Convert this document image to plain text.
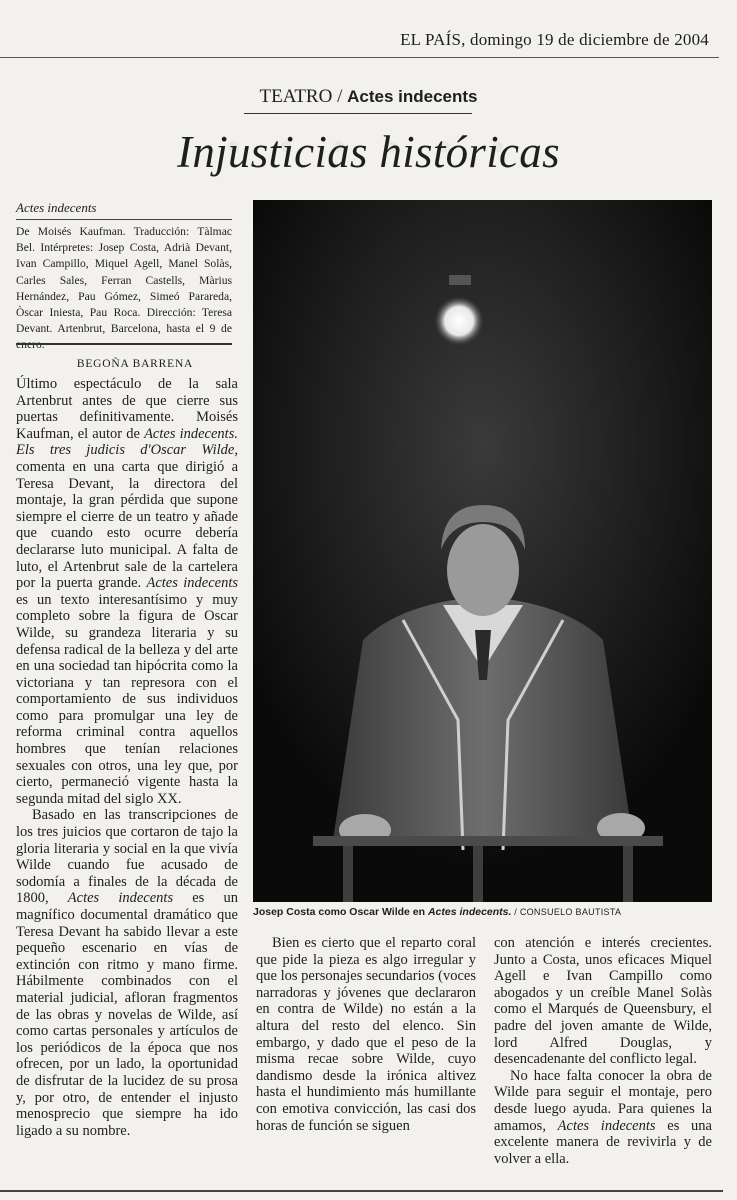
EL PAÍS, domingo 19 de diciembre de 2004
TEATRO / Actes indecents
Injusticias históricas
Actes indecents
De Moisés Kaufman. Traducción: Tàlmac Bel. Intérpretes: Josep Costa, Adrià Devant, Ivan Campillo, Miquel Agell, Manel Solàs, Carles Sales, Ferran Castells, Màrius Hernández, Pau Gómez, Simeó Parareda, Òscar Iniesta, Pau Roca. Dirección: Teresa Devant. Artenbrut, Barcelona, hasta el 9 de enero.
BEGOÑA BARRENA

Último espectáculo de la sala Artenbrut antes de que cierre sus puertas definitivamente. Moisés Kaufman, el autor de Actes indecents. Els tres judicis d'Oscar Wilde, comenta en una carta que dirigió a Teresa Devant, la directora del montaje, la gran pérdida que supone siempre el cierre de un teatro y añade que cuando esto ocurre debería declararse luto municipal. A falta de luto, el Artenbrut sale de la cartelera por la puerta grande. Actes indecents es un texto interesantísimo y muy completo sobre la figura de Oscar Wilde, su grandeza literaria y su defensa radical de la belleza y del arte en una sociedad tan hipócrita como la victoriana y tan represora con el comportamiento de sus individuos como para promulgar una ley de reforma criminal contra aquellos hombres que tenían relaciones sexuales con otros, una ley que, por cierto, permaneció vigente hasta la segunda mitad del siglo XX.

Basado en las transcripciones de los tres juicios que cortaron de tajo la gloria literaria y social en la que vivía Wilde cuando fue acusado de sodomía a finales de la década de 1800, Actes indecents es un magnífico documental dramático que Teresa Devant ha sabido llevar a este pequeño escenario en vías de extinción con ritmo y mano firme. Hábilmente combinados con el material judicial, afloran fragmentos de las obras y novelas de Wilde, así como cartas personales y artículos de los periódicos de la época que nos ofrecen, por un lado, la oportunidad de disfrutar de la lucidez de su prosa y, por otro, de entender el injusto menosprecio que siempre ha ido ligado a su nombre.

Josep Costa como Oscar Wilde en Actes indecents. / CONSUELO BAUTISTA

Bien es cierto que el reparto coral que pide la pieza es algo irregular y que los personajes secundarios (voces narradoras y jóvenes que declararon en contra de Wilde) no están a la altura del resto del elenco. Sin embargo, y dado que el peso de la misma recae sobre Wilde, cuyo dandismo desde la irónica altivez hasta el hundimiento más humillante con emotiva convicción, las casi dos horas de función se siguen

con atención e interés crecientes. Junto a Costa, unos eficaces Miquel Agell e Ivan Campillo como abogados y un creíble Manel Solàs como el Marqués de Queensbury, el padre del joven amante de Wilde, lord Alfred Douglas, y desencadenante del conflicto legal.

No hace falta conocer la obra de Wilde para seguir el montaje, pero desde luego ayuda. Para quienes la amamos, Actes indecents es una excelente manera de revivirla y de volver a ella.
